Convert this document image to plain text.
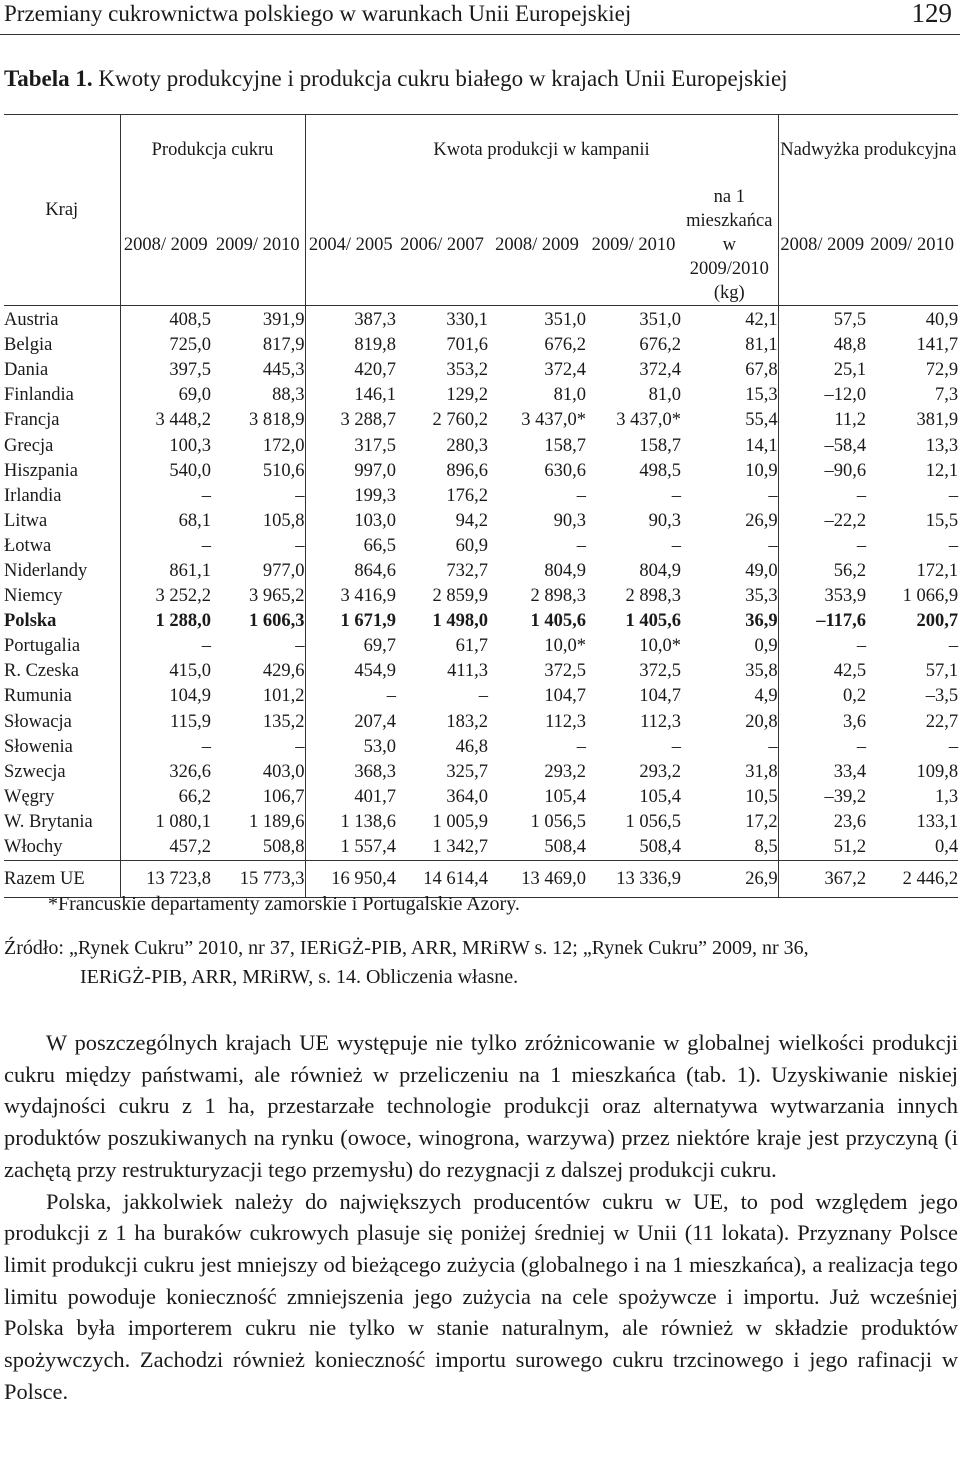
Przemiany cukrownictwa polskiego w warunkach Unii Europejskiej	129
Tabela 1. Kwoty produkcyjne i produkcja cukru białego w krajach Unii Europejskiej
Kraj	Produkcja cukru		Kwota produkcji w kampanii					Nadwyżka produkcyjna	
	2008/ 2009	2009/ 2010	2004/ 2005	2006/ 2007	2008/ 2009	2009/ 2010	na 1 mieszkańca w 2009/2010 (kg)	2008/ 2009	2009/ 2010
Austria	408,5	391,9	387,3	330,1	351,0	351,0	42,1	57,5	40,9
Belgia	725,0	817,9	819,8	701,6	676,2	676,2	81,1	48,8	141,7
Dania	397,5	445,3	420,7	353,2	372,4	372,4	67,8	25,1	72,9
Finlandia	69,0	88,3	146,1	129,2	81,0	81,0	15,3	–12,0	7,3
Francja	3 448,2	3 818,9	3 288,7	2 760,2	3 437,0*	3 437,0*	55,4	11,2	381,9
Grecja	100,3	172,0	317,5	280,3	158,7	158,7	14,1	–58,4	13,3
Hiszpania	540,0	510,6	997,0	896,6	630,6	498,5	10,9	–90,6	12,1
Irlandia	–	–	199,3	176,2	–	–	–	–	–
Litwa	68,1	105,8	103,0	94,2	90,3	90,3	26,9	–22,2	15,5
Łotwa	–	–	66,5	60,9	–	–	–	–	–
Niderlandy	861,1	977,0	864,6	732,7	804,9	804,9	49,0	56,2	172,1
Niemcy	3 252,2	3 965,2	3 416,9	2 859,9	2 898,3	2 898,3	35,3	353,9	1 066,9
Polska	1 288,0	1 606,3	1 671,9	1 498,0	1 405,6	1 405,6	36,9	–117,6	200,7
Portugalia	–	–	69,7	61,7	10,0*	10,0*	0,9	–	–
R. Czeska	415,0	429,6	454,9	411,3	372,5	372,5	35,8	42,5	57,1
Rumunia	104,9	101,2	–	–	104,7	104,7	4,9	0,2	–3,5
Słowacja	115,9	135,2	207,4	183,2	112,3	112,3	20,8	3,6	22,7
Słowenia	–	–	53,0	46,8	–	–	–	–	–
Szwecja	326,6	403,0	368,3	325,7	293,2	293,2	31,8	33,4	109,8
Węgry	66,2	106,7	401,7	364,0	105,4	105,4	10,5	–39,2	1,3
W. Brytania	1 080,1	1 189,6	1 138,6	1 005,9	1 056,5	1 056,5	17,2	23,6	133,1
Włochy	457,2	508,8	1 557,4	1 342,7	508,4	508,4	8,5	51,2	0,4
Razem UE	13 723,8	15 773,3	16 950,4	14 614,4	13 469,0	13 336,9	26,9	367,2	2 446,2
*Francuskie departamenty zamorskie i Portugalskie Azory.
Źródło: „Rynek Cukru” 2010, nr 37, IERiGŻ-PIB, ARR, MRiRW s. 12; „Rynek Cukru” 2009, nr 36,
IERiGŻ-PIB, ARR, MRiRW, s. 14. Obliczenia własne.

W poszczególnych krajach UE występuje nie tylko zróżnicowanie w globalnej wielkości produkcji cukru między państwami, ale również w przeliczeniu na 1 mieszkańca (tab. 1). Uzyskiwanie niskiej wydajności cukru z 1 ha, przestarzałe technologie produkcji oraz alternatywa wytwarzania innych produktów poszukiwanych na rynku (owoce, winogrona, warzywa) przez niektóre kraje jest przyczyną (i zachętą przy restrukturyzacji tego przemysłu) do rezygnacji z dalszej produkcji cukru.

Polska, jakkolwiek należy do największych producentów cukru w UE, to pod względem jego produkcji z 1 ha buraków cukrowych plasuje się poniżej średniej w Unii (11 lokata). Przyznany Polsce limit produkcji cukru jest mniejszy od bieżącego zużycia (globalnego i na 1 mieszkańca), a realizacja tego limitu powoduje konieczność zmniejszenia jego zużycia na cele spożywcze i importu. Już wcześniej Polska była importerem cukru nie tylko w stanie naturalnym, ale również w składzie produktów spożywczych. Zachodzi również konieczność importu surowego cukru trzcinowego i jego rafinacji w Polsce.
